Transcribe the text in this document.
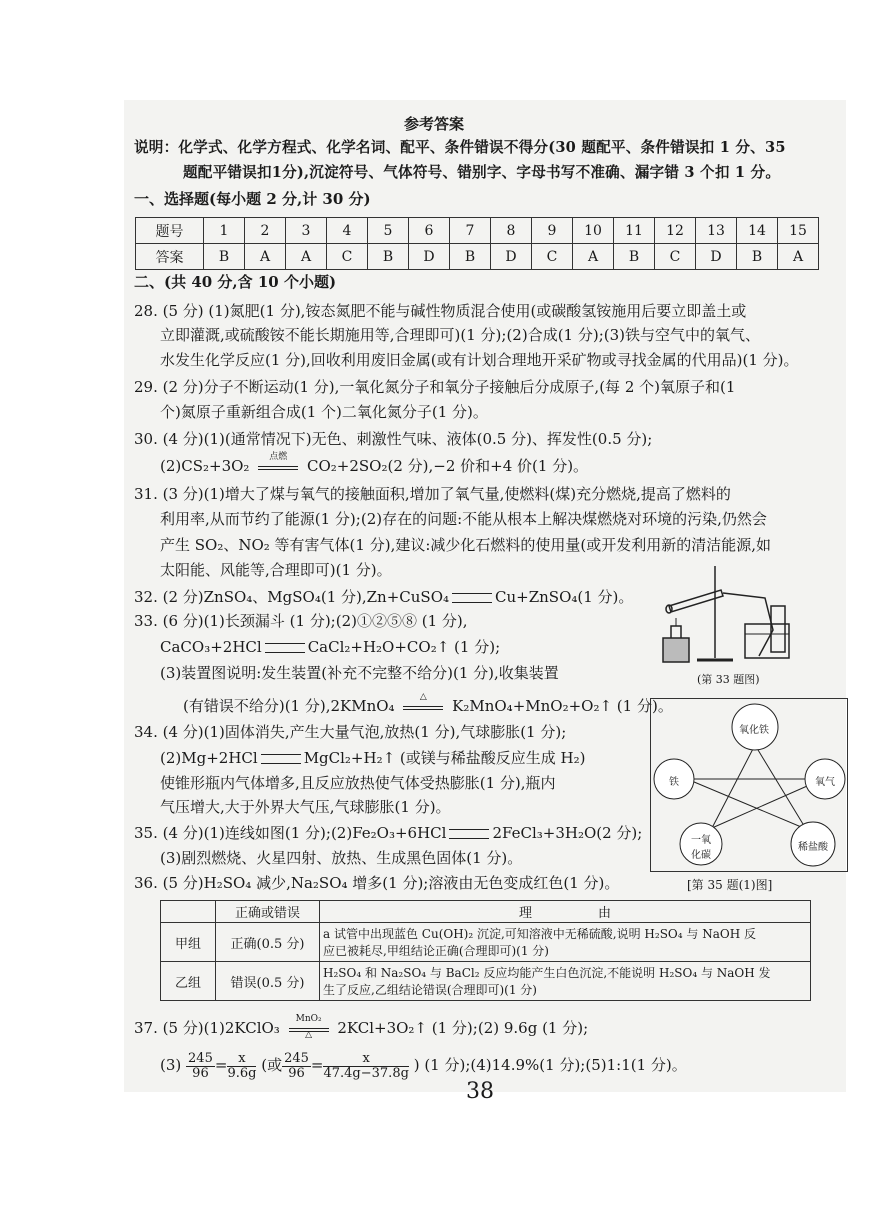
参考答案
说明：化学式、化学方程式、化学名词、配平、条件错误不得分(30 题配平、条件错误扣 1 分、35
题配平错误扣1分),沉淀符号、气体符号、错别字、字母书写不准确、漏字错 3 个扣 1 分。
一、选择题(每小题 2 分,计 30 分)
题号	1	2	3	4	5	6	7	8	9	10	11	12	13	14	15
答案	B	A	A	C	B	D	B	D	C	A	B	C	D	B	A
二、(共 40 分,含 10 个小题)
28. (5 分) (1)氮肥(1 分),铵态氮肥不能与碱性物质混合使用(或碳酸氢铵施用后要立即盖土或
立即灌溉,或硫酸铵不能长期施用等,合理即可)(1 分);(2)合成(1 分);(3)铁与空气中的氧气、
水发生化学反应(1 分),回收利用废旧金属(或有计划合理地开采矿物或寻找金属的代用品)(1 分)。
29. (2 分)分子不断运动(1 分),一氧化氮分子和氧分子接触后分成原子,(每 2 个)氧原子和(1
个)氮原子重新组合成(1 个)二氧化氮分子(1 分)。
30. (4 分)(1)(通常情况下)无色、刺激性气味、液体(0.5 分)、挥发性(0.5 分);
(2)CS₂+3O₂	点燃	CO₂+2SO₂(2 分),−2 价和+4 价(1 分)。
31. (3 分)(1)增大了煤与氧气的接触面积,增加了氧气量,使燃料(煤)充分燃烧,提高了燃料的
利用率,从而节约了能源(1 分);(2)存在的问题:不能从根本上解决煤燃烧对环境的污染,仍然会
产生 SO₂、NO₂ 等有害气体(1 分),建议:减少化石燃料的使用量(或开发利用新的清洁能源,如
太阳能、风能等,合理即可)(1 分)。
32. (2 分)ZnSO₄、MgSO₄(1 分),Zn+CuSO₄	Cu+ZnSO₄(1 分)。
33. (6 分)(1)长颈漏斗 (1 分);(2)①②⑤⑧ (1 分),
CaCO₃+2HCl	CaCl₂+H₂O+CO₂↑ (1 分);
(3)装置图说明:发生装置(补充不完整不给分)(1 分),收集装置
(有错误不给分)(1 分),2KMnO₄	△	K₂MnO₄+MnO₂+O₂↑ (1 分)。
34. (4 分)(1)固体消失,产生大量气泡,放热(1 分),气球膨胀(1 分);
(2)Mg+2HCl	MgCl₂+H₂↑ (或镁与稀盐酸反应生成 H₂)
使锥形瓶内气体增多,且反应放热使气体受热膨胀(1 分),瓶内
气压增大,大于外界大气压,气球膨胀(1 分)。
35. (4 分)(1)连线如图(1 分);(2)Fe₂O₃+6HCl	2FeCl₃+3H₂O(2 分);
(3)剧烈燃烧、火星四射、放热、生成黑色固体(1 分)。
36. (5 分)H₂SO₄ 减少,Na₂SO₄ 增多(1 分);溶液由无色变成红色(1 分)。
	正确或错误	理                由
甲组	正确(0.5 分)	a 试管中出现蓝色 Cu(OH)₂ 沉淀,可知溶液中无稀硫酸,说明 H₂SO₄ 与 NaOH 反
应已被耗尽,甲组结论正确(合理即可)(1 分)

乙组	错误(0.5 分)	H₂SO₄ 和 Na₂SO₄ 与 BaCl₂ 反应均能产生白色沉淀,不能说明 H₂SO₄ 与 NaOH 发
生了反应,乙组结论错误(合理即可)(1 分)
37. (5 分)(1)2KClO₃	MnO₂
△	2KCl+3O₂↑ (1 分);(2) 9.6g (1 分);
$(3) \frac{245}{96} = \frac{x}{9.6g}$ (或 $\frac{245}{96} = \frac{x}{47.4g-37.8g}$ ) (1 分);(4)14.9%(1 分);(5)1:1(1 分)。
38
(第 33 题图)
氧化铁
铁	氧气
一氧
化碳
稀盐酸
[第 35 题(1)图]
